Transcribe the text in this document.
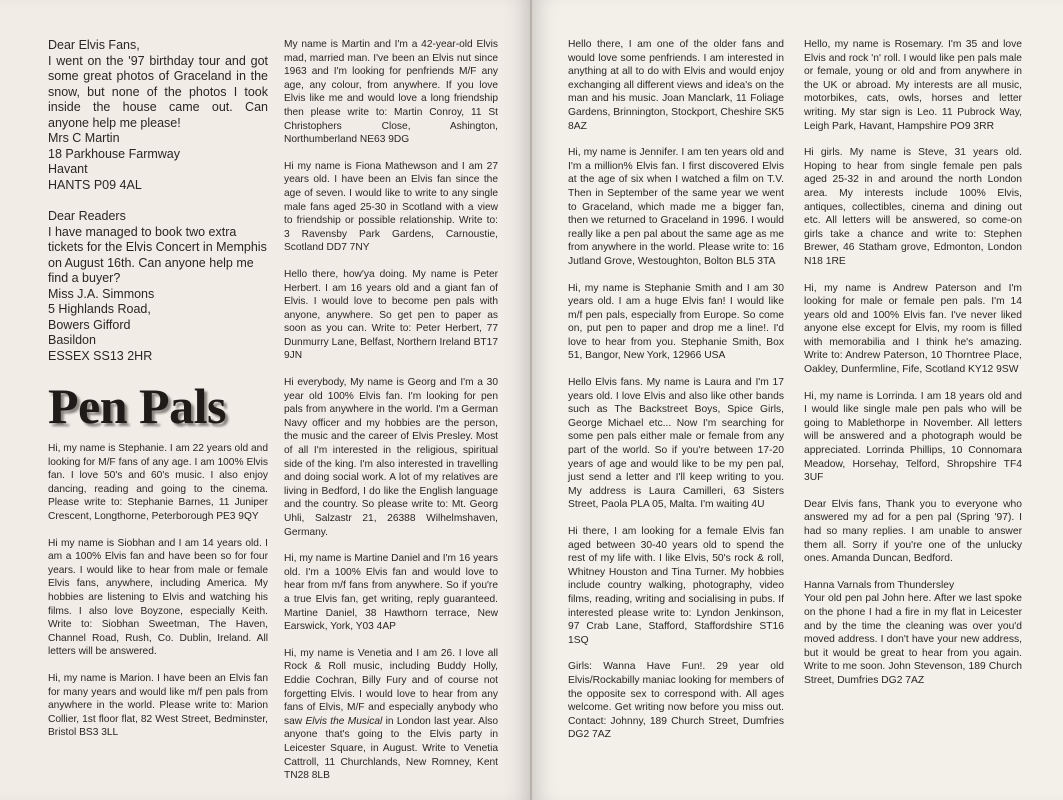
Dear Elvis Fans,
I went on the '97 birthday tour and got some great photos of Graceland in the snow, but none of the photos I took inside the house came out. Can anyone help me please!
Mrs C Martin
18 Parkhouse Farmway
Havant
HANTS P09 4AL
Dear Readers
I have managed to book two extra tickets for the Elvis Concert in Memphis on August 16th. Can anyone help me find a buyer?
Miss J.A. Simmons
5 Highlands Road,
Bowers Gifford
Basildon
ESSEX SS13 2HR
Pen Pals

Hi, my name is Stephanie. I am 22 years old and looking for M/F fans of any age. I am 100% Elvis fan. I love 50's and 60's music. I also enjoy dancing, reading and going to the cinema. Please write to: Stephanie Barnes, 11 Juniper Crescent, Longthorne, Peterborough PE3 9QY

Hi my name is Siobhan and I am 14 years old. I am a 100% Elvis fan and have been so for four years. I would like to hear from male or female Elvis fans, anywhere, including America. My hobbies are listening to Elvis and watching his films. I also love Boyzone, especially Keith. Write to: Siobhan Sweetman, The Haven, Channel Road, Rush, Co. Dublin, Ireland. All letters will be answered.

Hi, my name is Marion. I have been an Elvis fan for many years and would like m/f pen pals from anywhere in the world. Please write to: Marion Collier, 1st floor flat, 82 West Street, Bedminster, Bristol BS3 3LL

My name is Martin and I'm a 42-year-old Elvis mad, married man. I've been an Elvis nut since 1963 and I'm looking for penfriends M/F any age, any colour, from anywhere. If you love Elvis like me and would love a long friendship then please write to: Martin Conroy, 11 St Christophers Close, Ashington, Northumberland NE63 9DG

Hi my name is Fiona Mathewson and I am 27 years old. I have been an Elvis fan since the age of seven. I would like to write to any single male fans aged 25-30 in Scotland with a view to friendship or possible relationship. Write to: 3 Ravensby Park Gardens, Carnoustie, Scotland DD7 7NY

Hello there, how'ya doing. My name is Peter Herbert. I am 16 years old and a giant fan of Elvis. I would love to become pen pals with anyone, anywhere. So get pen to paper as soon as you can. Write to: Peter Herbert, 77 Dunmurry Lane, Belfast, Northern Ireland BT17 9JN

Hi everybody, My name is Georg and I'm a 30 year old 100% Elvis fan. I'm looking for pen pals from anywhere in the world. I'm a German Navy officer and my hobbies are the person, the music and the career of Elvis Presley. Most of all I'm interested in the religious, spiritual side of the king. I'm also interested in travelling and doing social work. A lot of my relatives are living in Bedford, I do like the English language and the country. So please write to: Mt. Georg Uhli, Salzastr 21, 26388 Wilhelmshaven, Germany.

Hi, my name is Martine Daniel and I'm 16 years old. I'm a 100% Elvis fan and would love to hear from m/f fans from anywhere. So if you're a true Elvis fan, get writing, reply guaranteed. Martine Daniel, 38 Hawthorn terrace, New Earswick, York, Y03 4AP

Hi, my name is Venetia and I am 26. I love all Rock & Roll music, including Buddy Holly, Eddie Cochran, Billy Fury and of course not forgetting Elvis. I would love to hear from any fans of Elvis, M/F and especially anybody who saw Elvis the Musical in London last year. Also anyone that's going to the Elvis party in Leicester Square, in August. Write to Venetia Cattroll, 11 Churchlands, New Romney, Kent TN28 8LB

Hello there, I am one of the older fans and would love some penfriends. I am interested in anything at all to do with Elvis and would enjoy exchanging all different views and idea's on the man and his music. Joan Manclark, 11 Foliage Gardens, Brinnington, Stockport, Cheshire SK5 8AZ

Hi, my name is Jennifer. I am ten years old and I'm a million% Elvis fan. I first discovered Elvis at the age of six when I watched a film on T.V. Then in September of the same year we went to Graceland, which made me a bigger fan, then we returned to Graceland in 1996. I would really like a pen pal about the same age as me from anywhere in the world. Please write to: 16 Jutland Grove, Westoughton, Bolton BL5 3TA

Hi, my name is Stephanie Smith and I am 30 years old. I am a huge Elvis fan! I would like m/f pen pals, especially from Europe. So come on, put pen to paper and drop me a line!. I'd love to hear from you. Stephanie Smith, Box 51, Bangor, New York, 12966 USA

Hello Elvis fans. My name is Laura and I'm 17 years old. I love Elvis and also like other bands such as The Backstreet Boys, Spice Girls, George Michael etc... Now I'm searching for some pen pals either male or female from any part of the world. So if you're between 17-20 years of age and would like to be my pen pal, just send a letter and I'll keep writing to you. My address is Laura Camilleri, 63 Sisters Street, Paola PLA 05, Malta. I'm waiting 4U

Hi there, I am looking for a female Elvis fan aged between 30-40 years old to spend the rest of my life with. I like Elvis, 50's rock & roll, Whitney Houston and Tina Turner. My hobbies include country walking, photography, video films, reading, writing and socialising in pubs. If interested please write to: Lyndon Jenkinson, 97 Crab Lane, Stafford, Staffordshire ST16 1SQ

Girls: Wanna Have Fun!. 29 year old Elvis/Rockabilly maniac looking for members of the opposite sex to correspond with. All ages welcome. Get writing now before you miss out. Contact: Johnny, 189 Church Street, Dumfries DG2 7AZ

Hello, my name is Rosemary. I'm 35 and love Elvis and rock 'n' roll. I would like pen pals male or female, young or old and from anywhere in the UK or abroad. My interests are all music, motorbikes, cats, owls, horses and letter writing. My star sign is Leo. 11 Pubrock Way, Leigh Park, Havant, Hampshire PO9 3RR

Hi girls. My name is Steve, 31 years old. Hoping to hear from single female pen pals aged 25-32 in and around the north London area. My interests include 100% Elvis, antiques, collectibles, cinema and dining out etc. All letters will be answered, so come-on girls take a chance and write to: Stephen Brewer, 46 Statham grove, Edmonton, London N18 1RE

Hi, my name is Andrew Paterson and I'm looking for male or female pen pals. I'm 14 years old and 100% Elvis fan. I've never liked anyone else except for Elvis, my room is filled with memorabilia and I think he's amazing. Write to: Andrew Paterson, 10 Thorntree Place, Oakley, Dunfermline, Fife, Scotland KY12 9SW

Hi, my name is Lorrinda. I am 18 years old and I would like single male pen pals who will be going to Mablethorpe in November. All letters will be answered and a photograph would be appreciated. Lorrinda Phillips, 10 Connomara Meadow, Horsehay, Telford, Shropshire TF4 3UF

Dear Elvis fans, Thank you to everyone who answered my ad for a pen pal (Spring '97). I had so many replies. I am unable to answer them all. Sorry if you're one of the unlucky ones. Amanda Duncan, Bedford.

Hanna Varnals from Thundersley
Your old pen pal John here. After we last spoke on the phone I had a fire in my flat in Leicester and by the time the cleaning was over you'd moved address. I don't have your new address, but it would be great to hear from you again. Write to me soon. John Stevenson, 189 Church Street, Dumfries DG2 7AZ
